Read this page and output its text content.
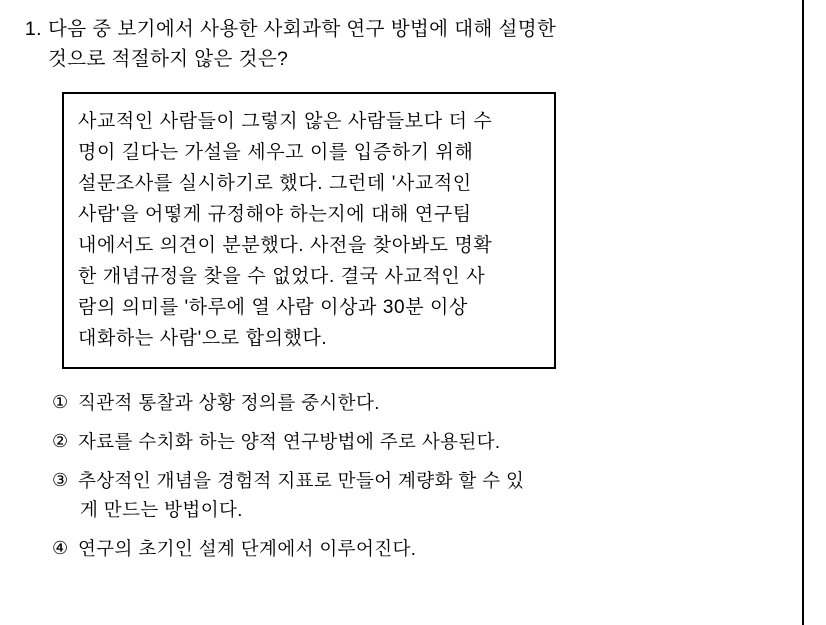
1. 다음 중 보기에서 사용한 사회과학 연구 방법에 대해 설명한
것으로 적절하지 않은 것은?
사교적인 사람들이 그렇지 않은 사람들보다 더 수
명이 길다는 가설을 세우고 이를 입증하기 위해
설문조사를 실시하기로 했다. 그런데 '사교적인
사람'을 어떻게 규정해야 하는지에 대해 연구팀
내에서도 의견이 분분했다. 사전을 찾아봐도 명확
한 개념규정을 찾을 수 없었다. 결국 사교적인 사
람의 의미를 '하루에 열 사람 이상과 30분 이상
대화하는 사람'으로 합의했다.
① 직관적 통찰과 상황 정의를 중시한다.
② 자료를 수치화 하는 양적 연구방법에 주로 사용된다.
③ 추상적인 개념을 경험적 지표로 만들어 계량화 할 수 있
게 만드는 방법이다.
④ 연구의 초기인 설계 단계에서 이루어진다.
